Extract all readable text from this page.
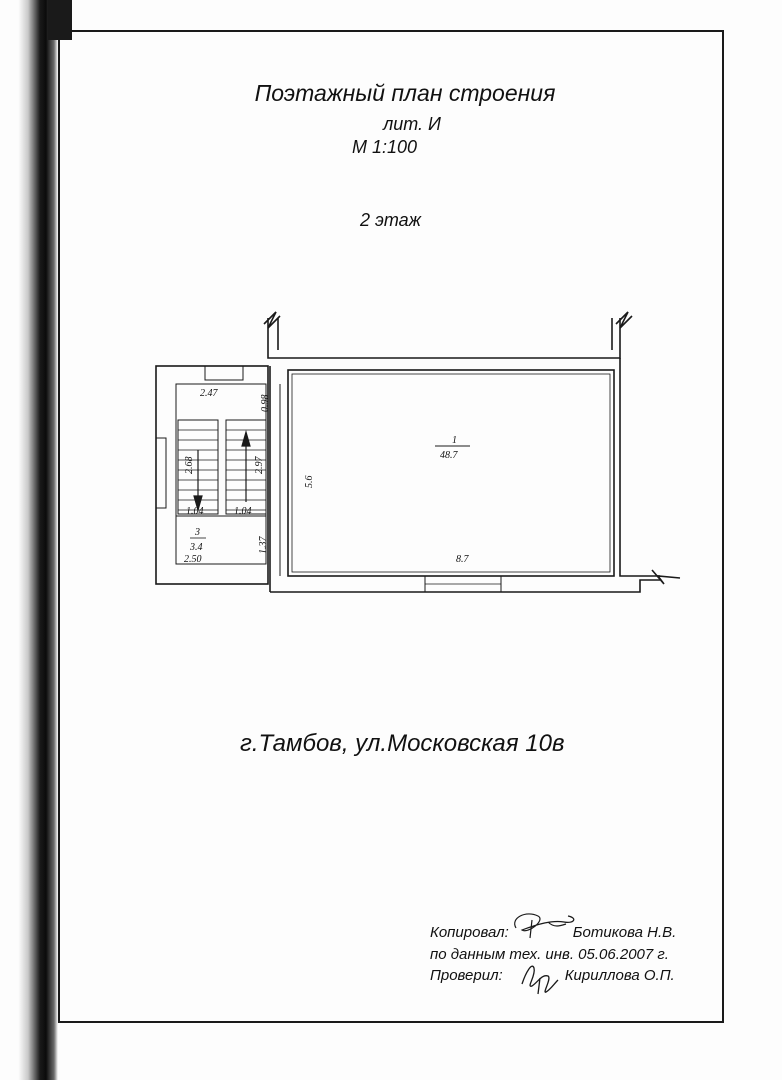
Поэтажный план строения
лит. И
М 1:100
2 этаж
1
48.7
8.7
5.6
3
3.4
2.47
0.98
2.68	2.97
1.04	1.04
1.37
2.50
г.Тамбов, ул.Московская 10в
Копировал:	Ботикова Н.В.
по данным тех. инв. 05.06.2007 г.
Проверил:	Кириллова О.П.
